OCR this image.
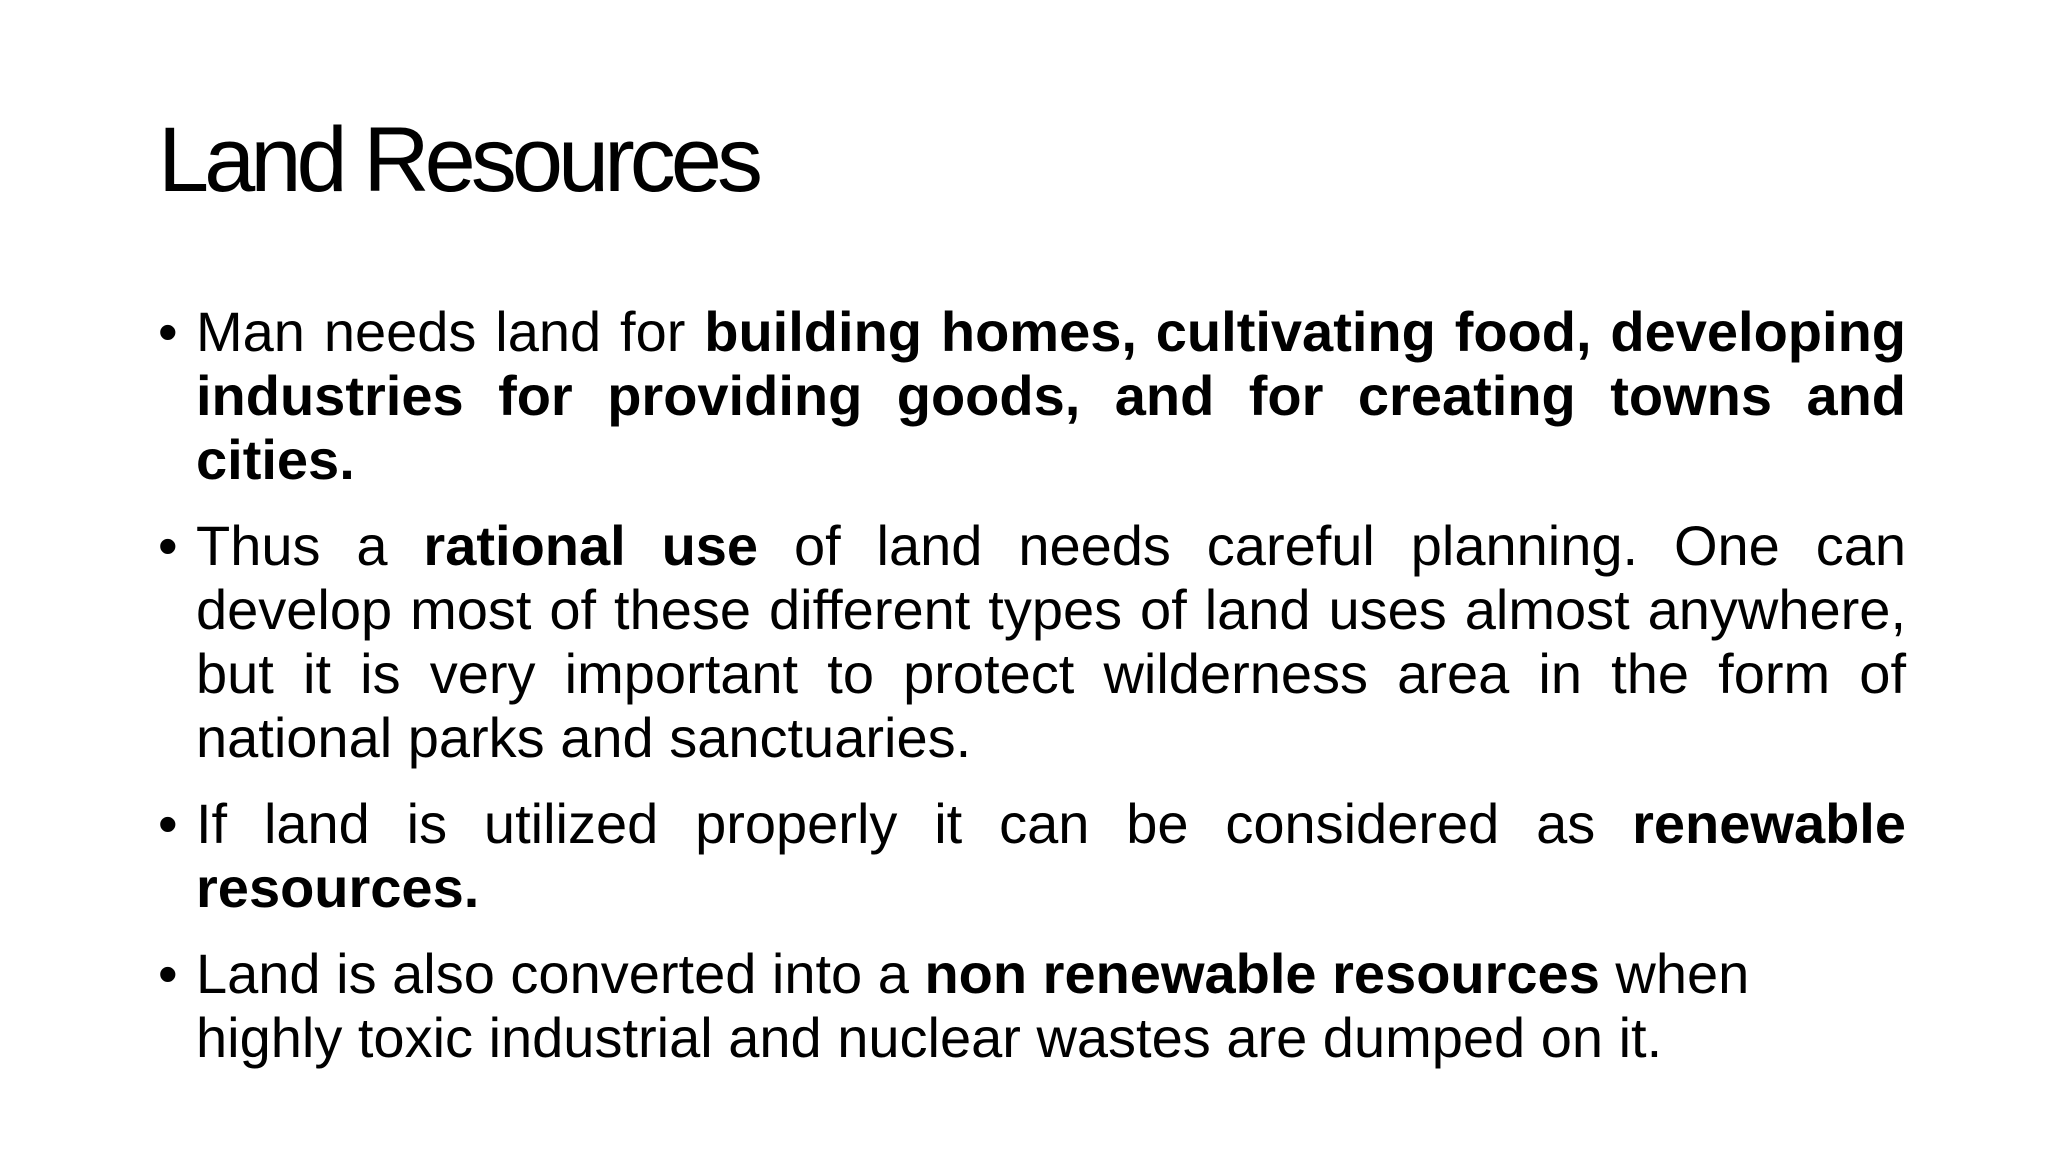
Land Resources
• Man needs land for building homes, cultivating food, developing industries for providing goods, and for creating towns and cities.
• Thus a rational use of land needs careful planning. One can develop most of these different types of land uses almost anywhere, but it is very important to protect wilderness area in the form of national parks and sanctuaries.
• If land is utilized properly it can be considered as renewable resources.
• Land is also converted into a non renewable resources when highly toxic industrial and nuclear wastes are dumped on it.
